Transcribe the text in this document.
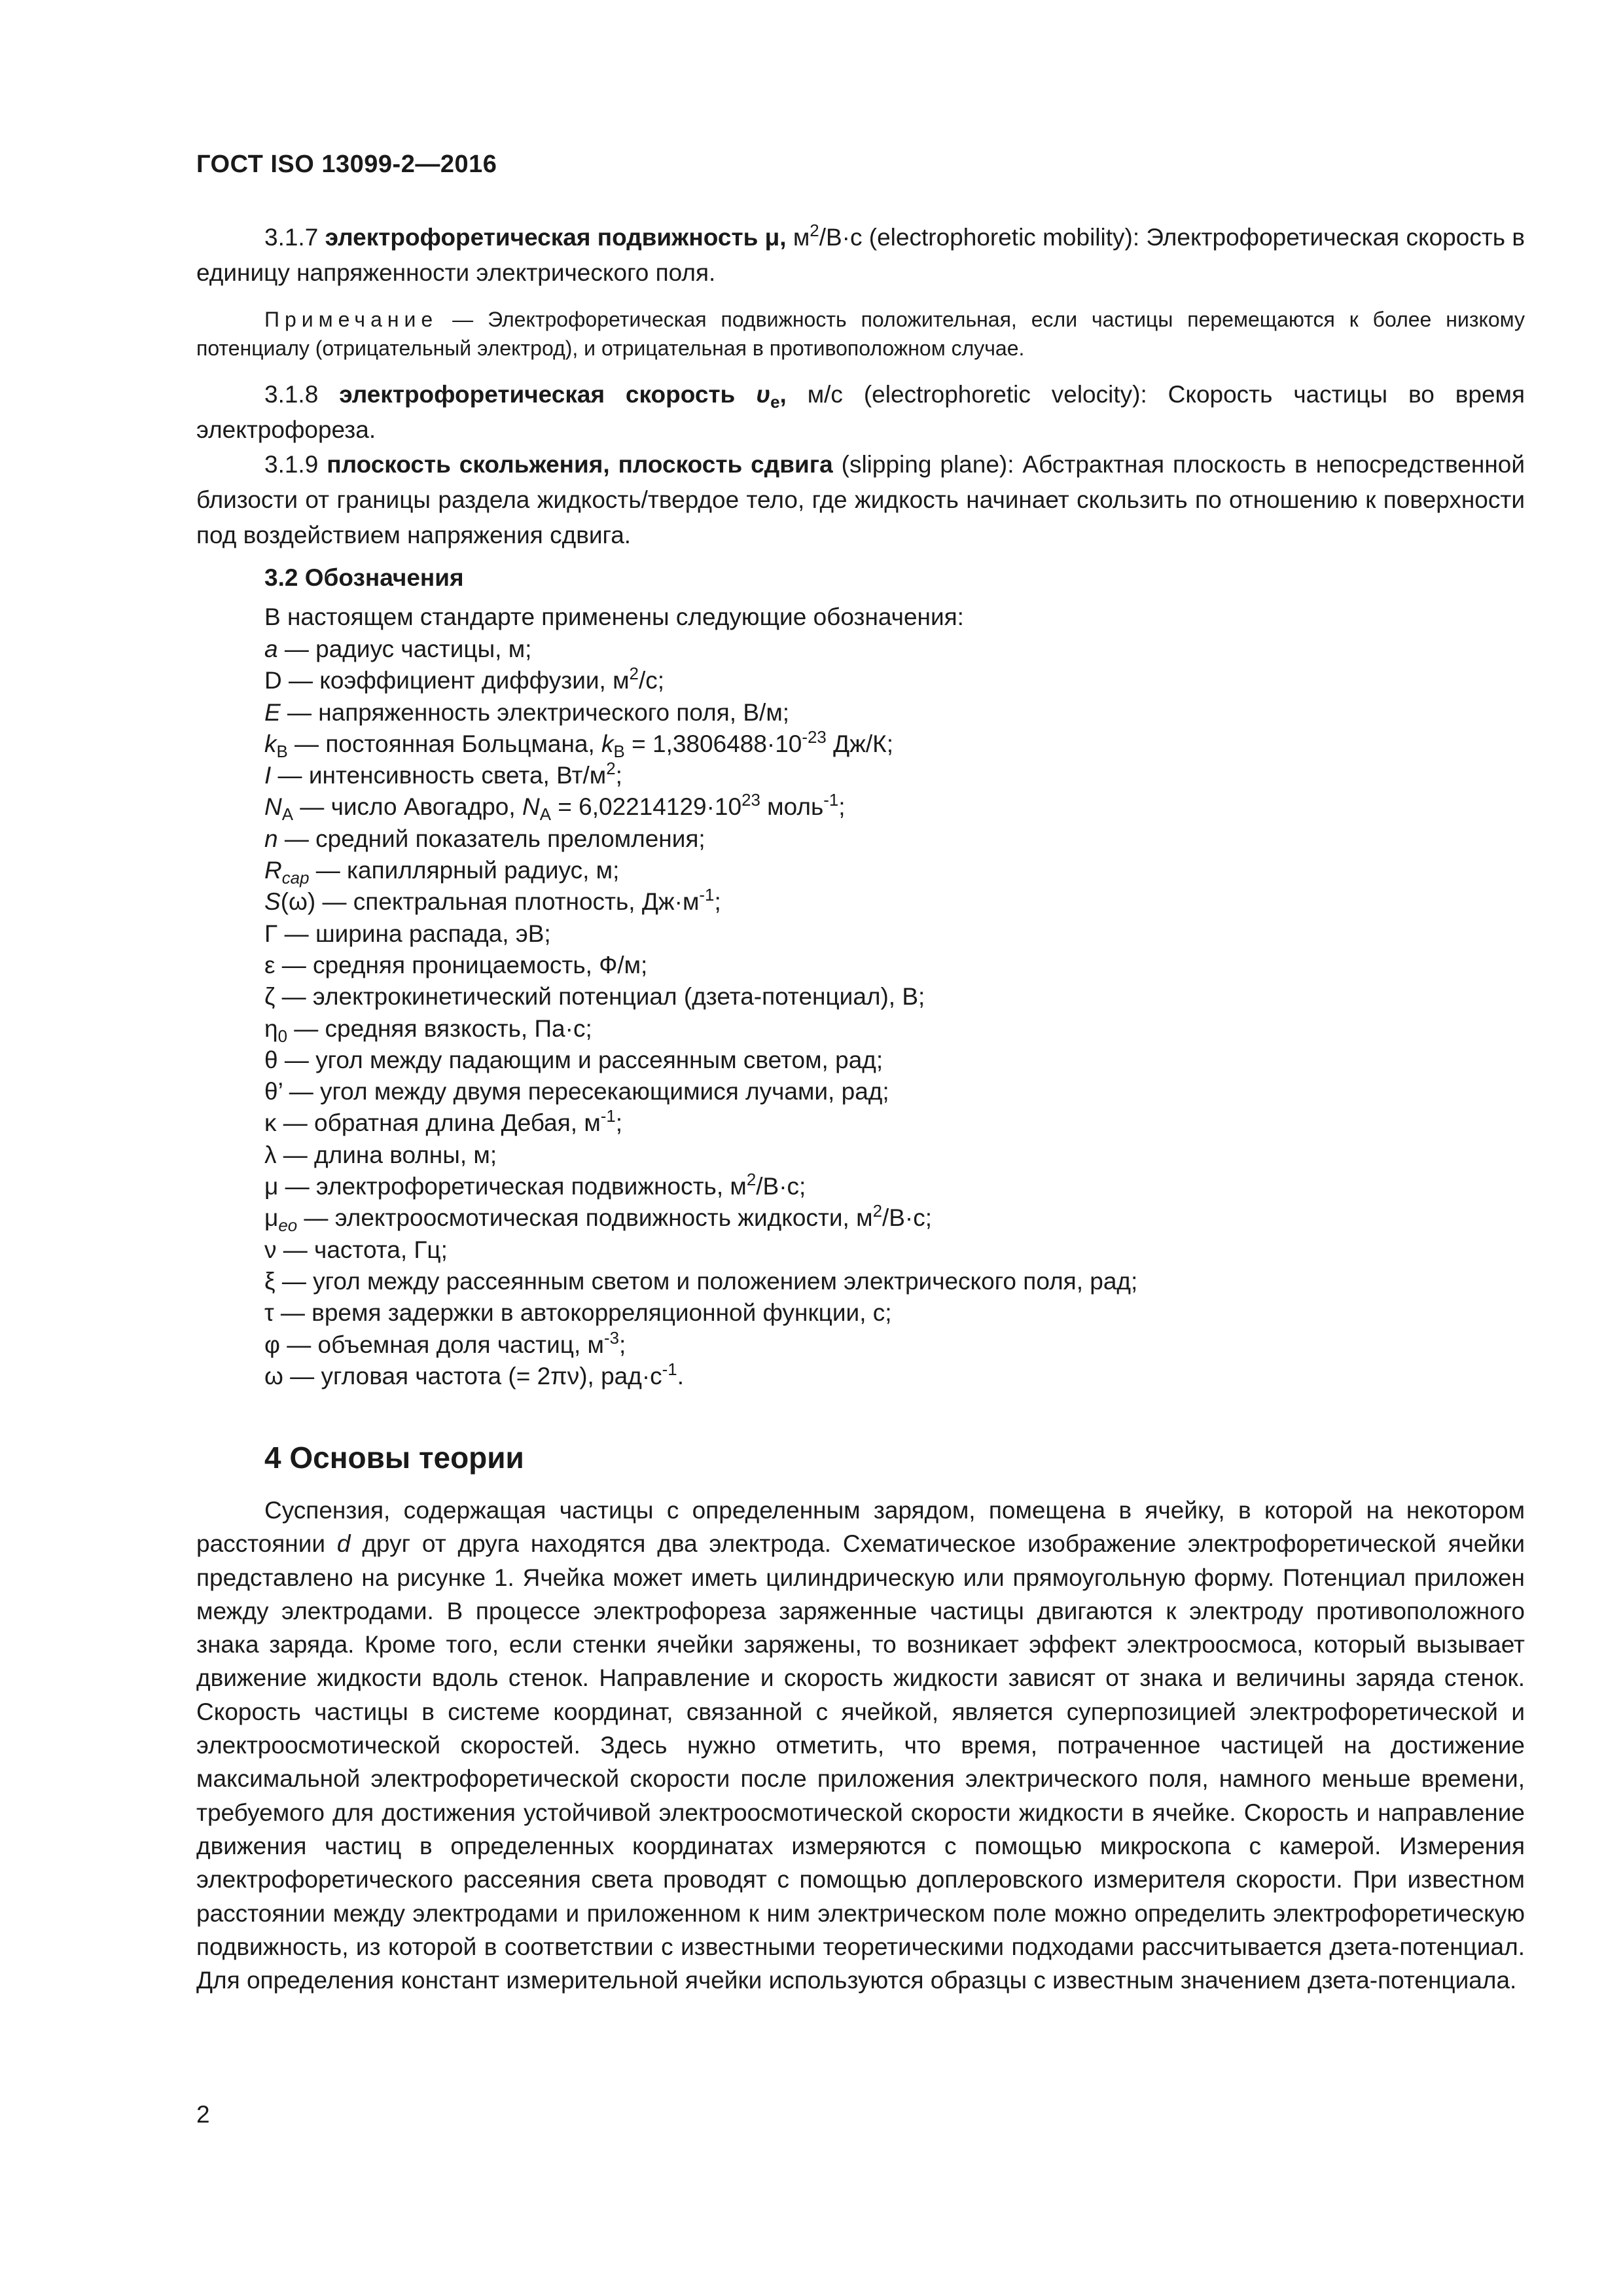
ГОСТ ISO 13099-2—2016
3.1.7 электрофоретическая подвижность μ, $м^2/В\cdot с$ (electrophoretic mobility): Электрофоретическая скорость в единицу напряженности электрического поля.
Примечание — Электрофоретическая подвижность положительная, если частицы перемещаются к более низкому потенциалу (отрицательный электрод), и отрицательная в противоположном случае.
3.1.8 электрофоретическая скорость $\upsilon_e$, м/с (electrophoretic velocity): Скорость частицы во время электрофореза.
3.1.9 плоскость скольжения, плоскость сдвига (slipping plane): Абстрактная плоскость в непосредственной близости от границы раздела жидкость/твердое тело, где жидкость начинает скользить по отношению к поверхности под воздействием напряжения сдвига.
3.2 Обозначения
В настоящем стандарте применены следующие обозначения:
a — радиус частицы, м;
D — коэффициент диффузии, $м^2/с$;
E — напряженность электрического поля, В/м;
$k_B$ — постоянная Больцмана, $k_B = 1,3806488\cdot 10^{-23}$ Дж/К;
I — интенсивность света, $Вт/м^2$;
$N_A$ — число Авогадро, $N_A = 6,02214129\cdot 10^{23}$ моль$^{-1}$;
n — средний показатель преломления;
$R_{cap}$ — капиллярный радиус, м;
S(ω) — спектральная плотность, $Дж\cdot м^{-1}$;
Γ — ширина распада, эВ;
ε — средняя проницаемость, Ф/м;
ζ — электрокинетический потенциал (дзета-потенциал), В;
$\eta_0$ — средняя вязкость, Па·с;
θ — угол между падающим и рассеянным светом, рад;
θ’ — угол между двумя пересекающимися лучами, рад;
κ — обратная длина Дебая, $м^{-1}$;
λ — длина волны, м;
μ — электрофоретическая подвижность, $м^2/В\cdot с$;
$\mu_{eo}$ — электроосмотическая подвижность жидкости, $м^2/В\cdot с$;
ν — частота, Гц;
ξ — угол между рассеянным светом и положением электрического поля, рад;
τ — время задержки в автокорреляционной функции, с;
φ — объемная доля частиц, $м^{-3}$;
ω — угловая частота (= 2πν), $рад\cdot с^{-1}$.
4 Основы теории
Суспензия, содержащая частицы с определенным зарядом, помещена в ячейку, в которой на некотором расстоянии d друг от друга находятся два электрода. Схематическое изображение электрофоретической ячейки представлено на рисунке 1. Ячейка может иметь цилиндрическую или прямоугольную форму. Потенциал приложен между электродами. В процессе электрофореза заряженные частицы двигаются к электроду противоположного знака заряда. Кроме того, если стенки ячейки заряжены, то возникает эффект электроосмоса, который вызывает движение жидкости вдоль стенок. Направление и скорость жидкости зависят от знака и величины заряда стенок. Скорость частицы в системе координат, связанной с ячейкой, является суперпозицией электрофоретической и электроосмотической скоростей. Здесь нужно отметить, что время, потраченное частицей на достижение максимальной электрофоретической скорости после приложения электрического поля, намного меньше времени, требуемого для достижения устойчивой электроосмотической скорости жидкости в ячейке. Скорость и направление движения частиц в определенных координатах измеряются с помощью микроскопа с камерой. Измерения электрофоретического рассеяния света проводят с помощью доплеровского измерителя скорости. При известном расстоянии между электродами и приложенном к ним электрическом поле можно определить электрофоретическую подвижность, из которой в соответствии с известными теоретическими подходами рассчитывается дзета-потенциал. Для определения констант измерительной ячейки используются образцы с известным значением дзета-потенциала.
2
